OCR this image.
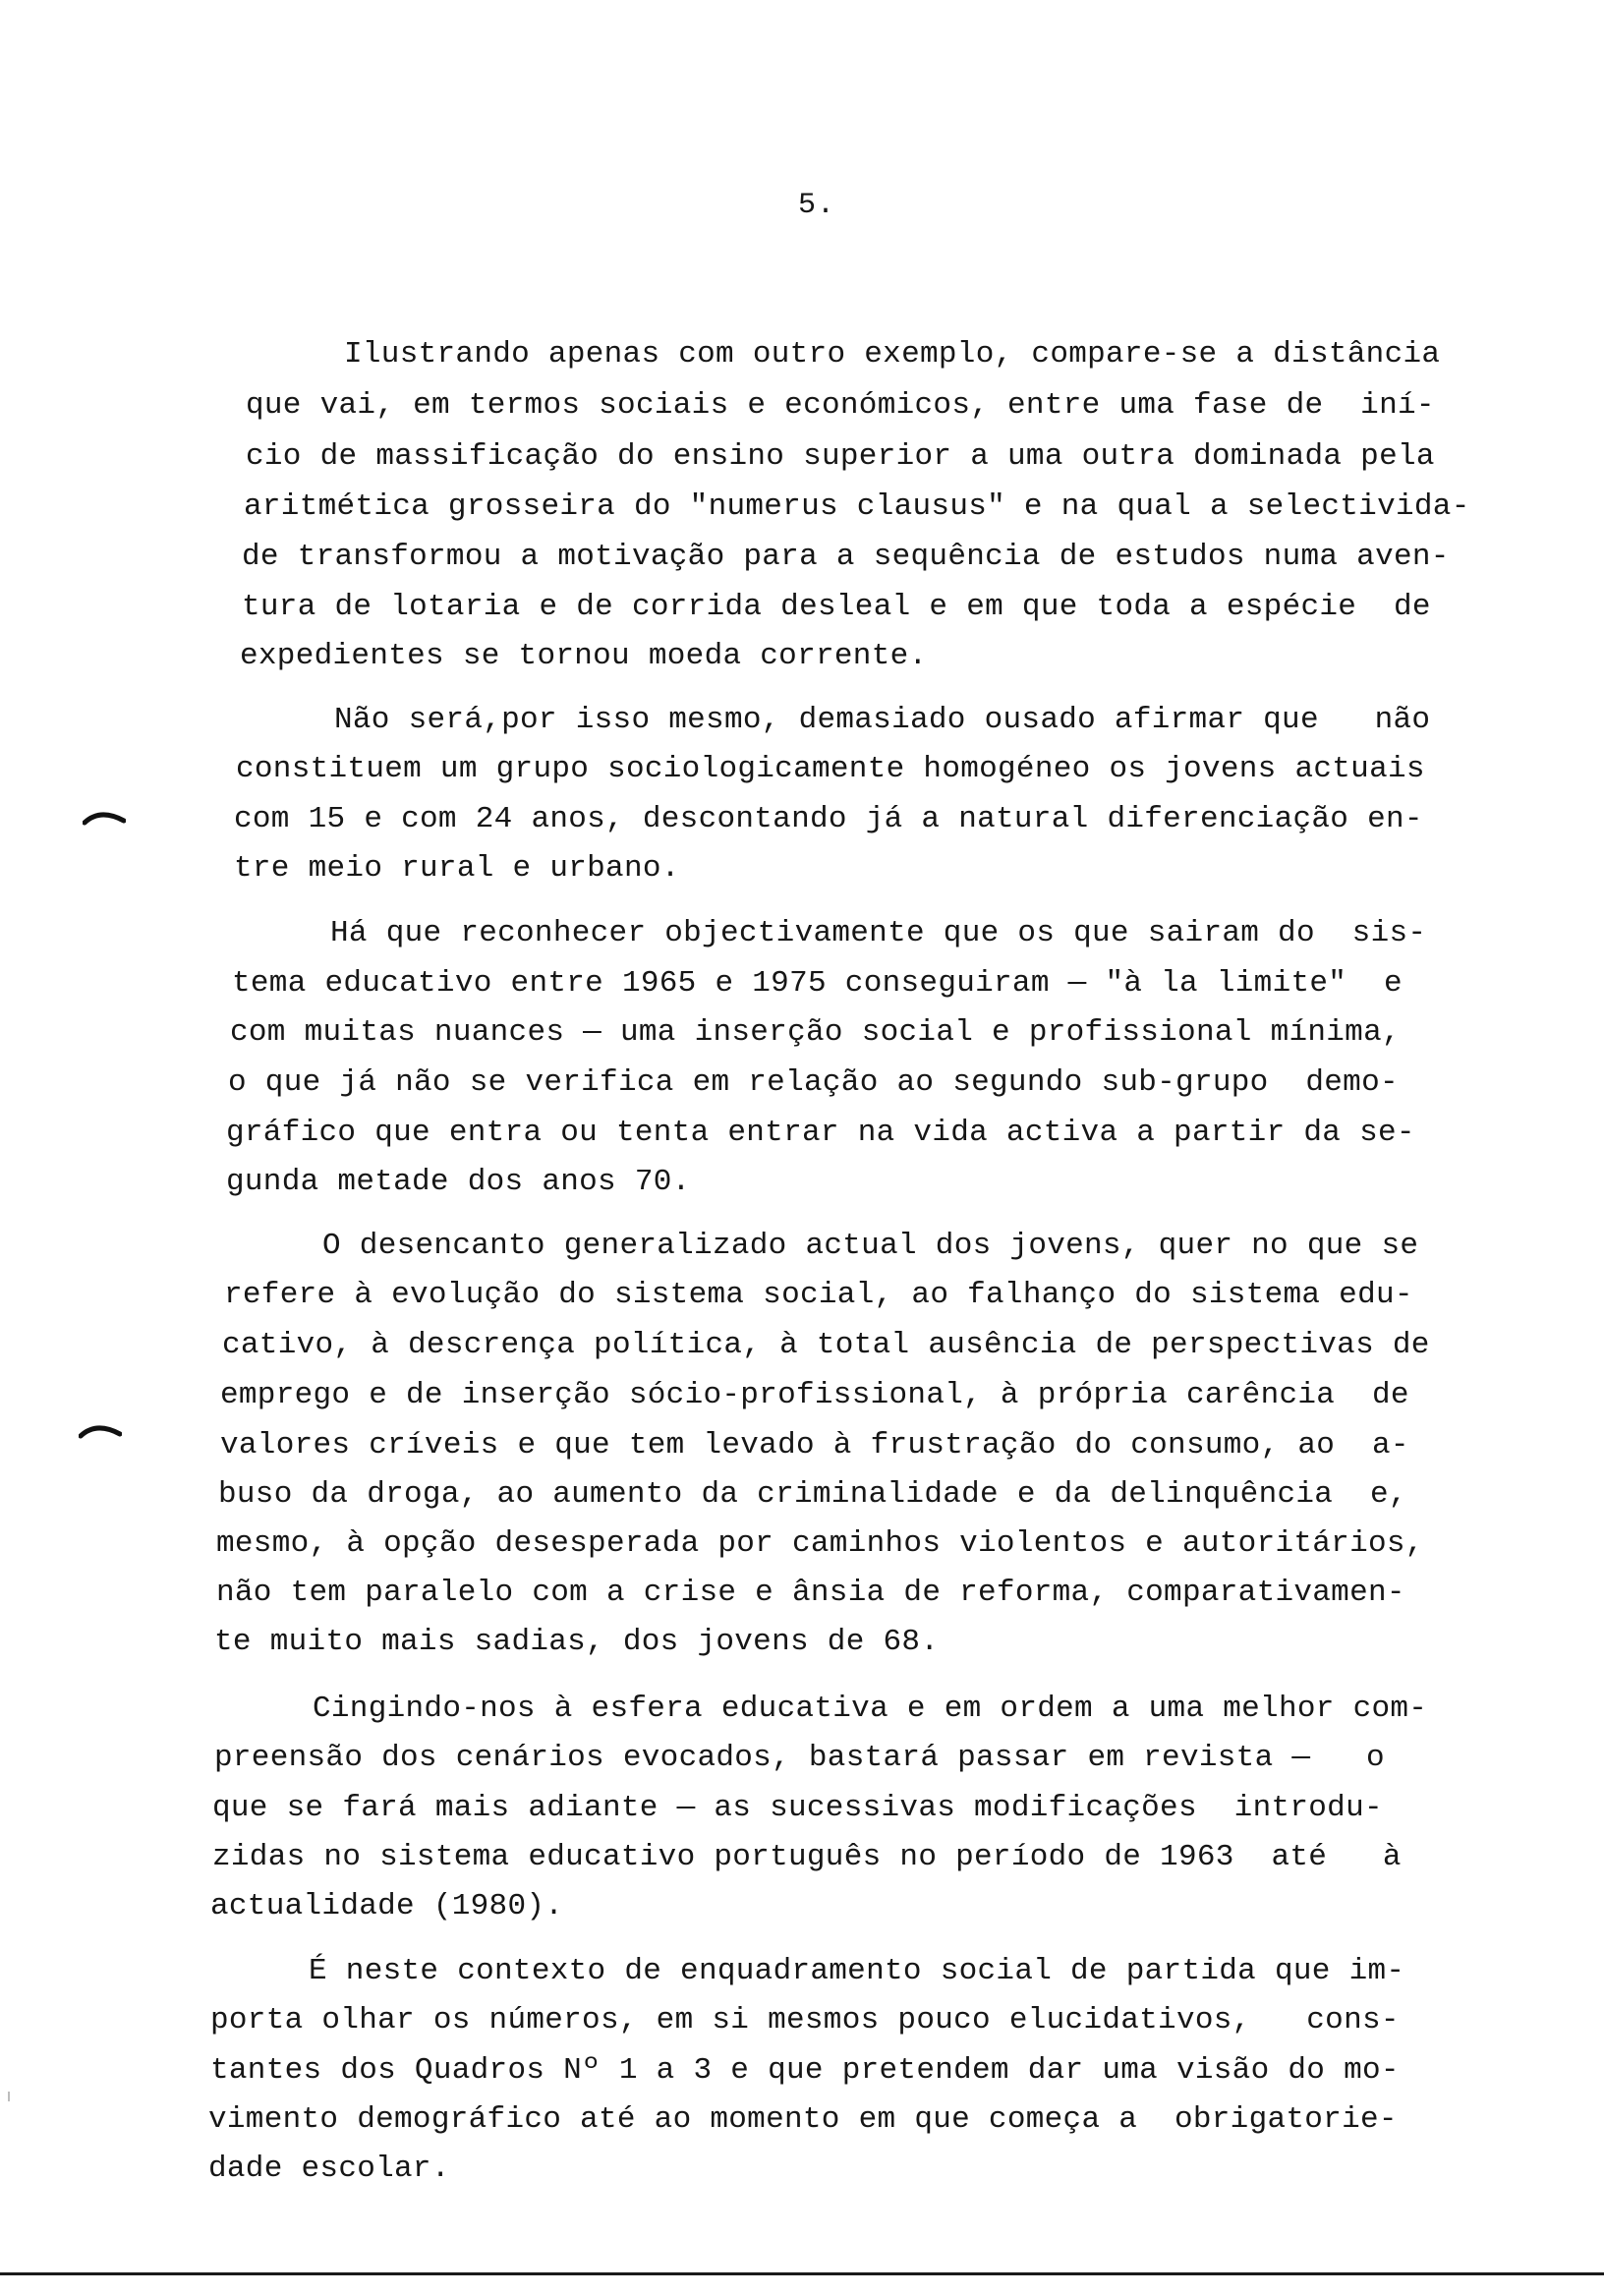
5.
Ilustrando apenas com outro exemplo, compare-se a distância
que vai, em termos sociais e económicos, entre uma fase de  iní-
cio de massificação do ensino superior a uma outra dominada pela
aritmética grosseira do "numerus clausus" e na qual a selectivida-
de transformou a motivação para a sequência de estudos numa aven-
tura de lotaria e de corrida desleal e em que toda a espécie  de
expedientes se tornou moeda corrente.
Não será,por isso mesmo, demasiado ousado afirmar que   não
constituem um grupo sociologicamente homogéneo os jovens actuais
com 15 e com 24 anos, descontando já a natural diferenciação en-
tre meio rural e urbano.
Há que reconhecer objectivamente que os que sairam do  sis-
tema educativo entre 1965 e 1975 conseguiram — "à la limite"  e
com muitas nuances — uma inserção social e profissional mínima,
o que já não se verifica em relação ao segundo sub-grupo  demo-
gráfico que entra ou tenta entrar na vida activa a partir da se-
gunda metade dos anos 70.
O desencanto generalizado actual dos jovens, quer no que se
refere à evolução do sistema social, ao falhanço do sistema edu-
cativo, à descrença política, à total ausência de perspectivas de
emprego e de inserção sócio-profissional, à própria carência  de
valores críveis e que tem levado à frustração do consumo, ao  a-
buso da droga, ao aumento da criminalidade e da delinquência  e,
mesmo, à opção desesperada por caminhos violentos e autoritários,
não tem paralelo com a crise e ânsia de reforma, comparativamen-
te muito mais sadias, dos jovens de 68.
Cingindo-nos à esfera educativa e em ordem a uma melhor com-
preensão dos cenários evocados, bastará passar em revista —   o
que se fará mais adiante — as sucessivas modificações  introdu-
zidas no sistema educativo português no período de 1963  até   à
actualidade (1980).
É neste contexto de enquadramento social de partida que im-
porta olhar os números, em si mesmos pouco elucidativos,   cons-
tantes dos Quadros Nº 1 a 3 e que pretendem dar uma visão do mo-
vimento demográfico até ao momento em que começa a  obrigatorie-
dade escolar.
